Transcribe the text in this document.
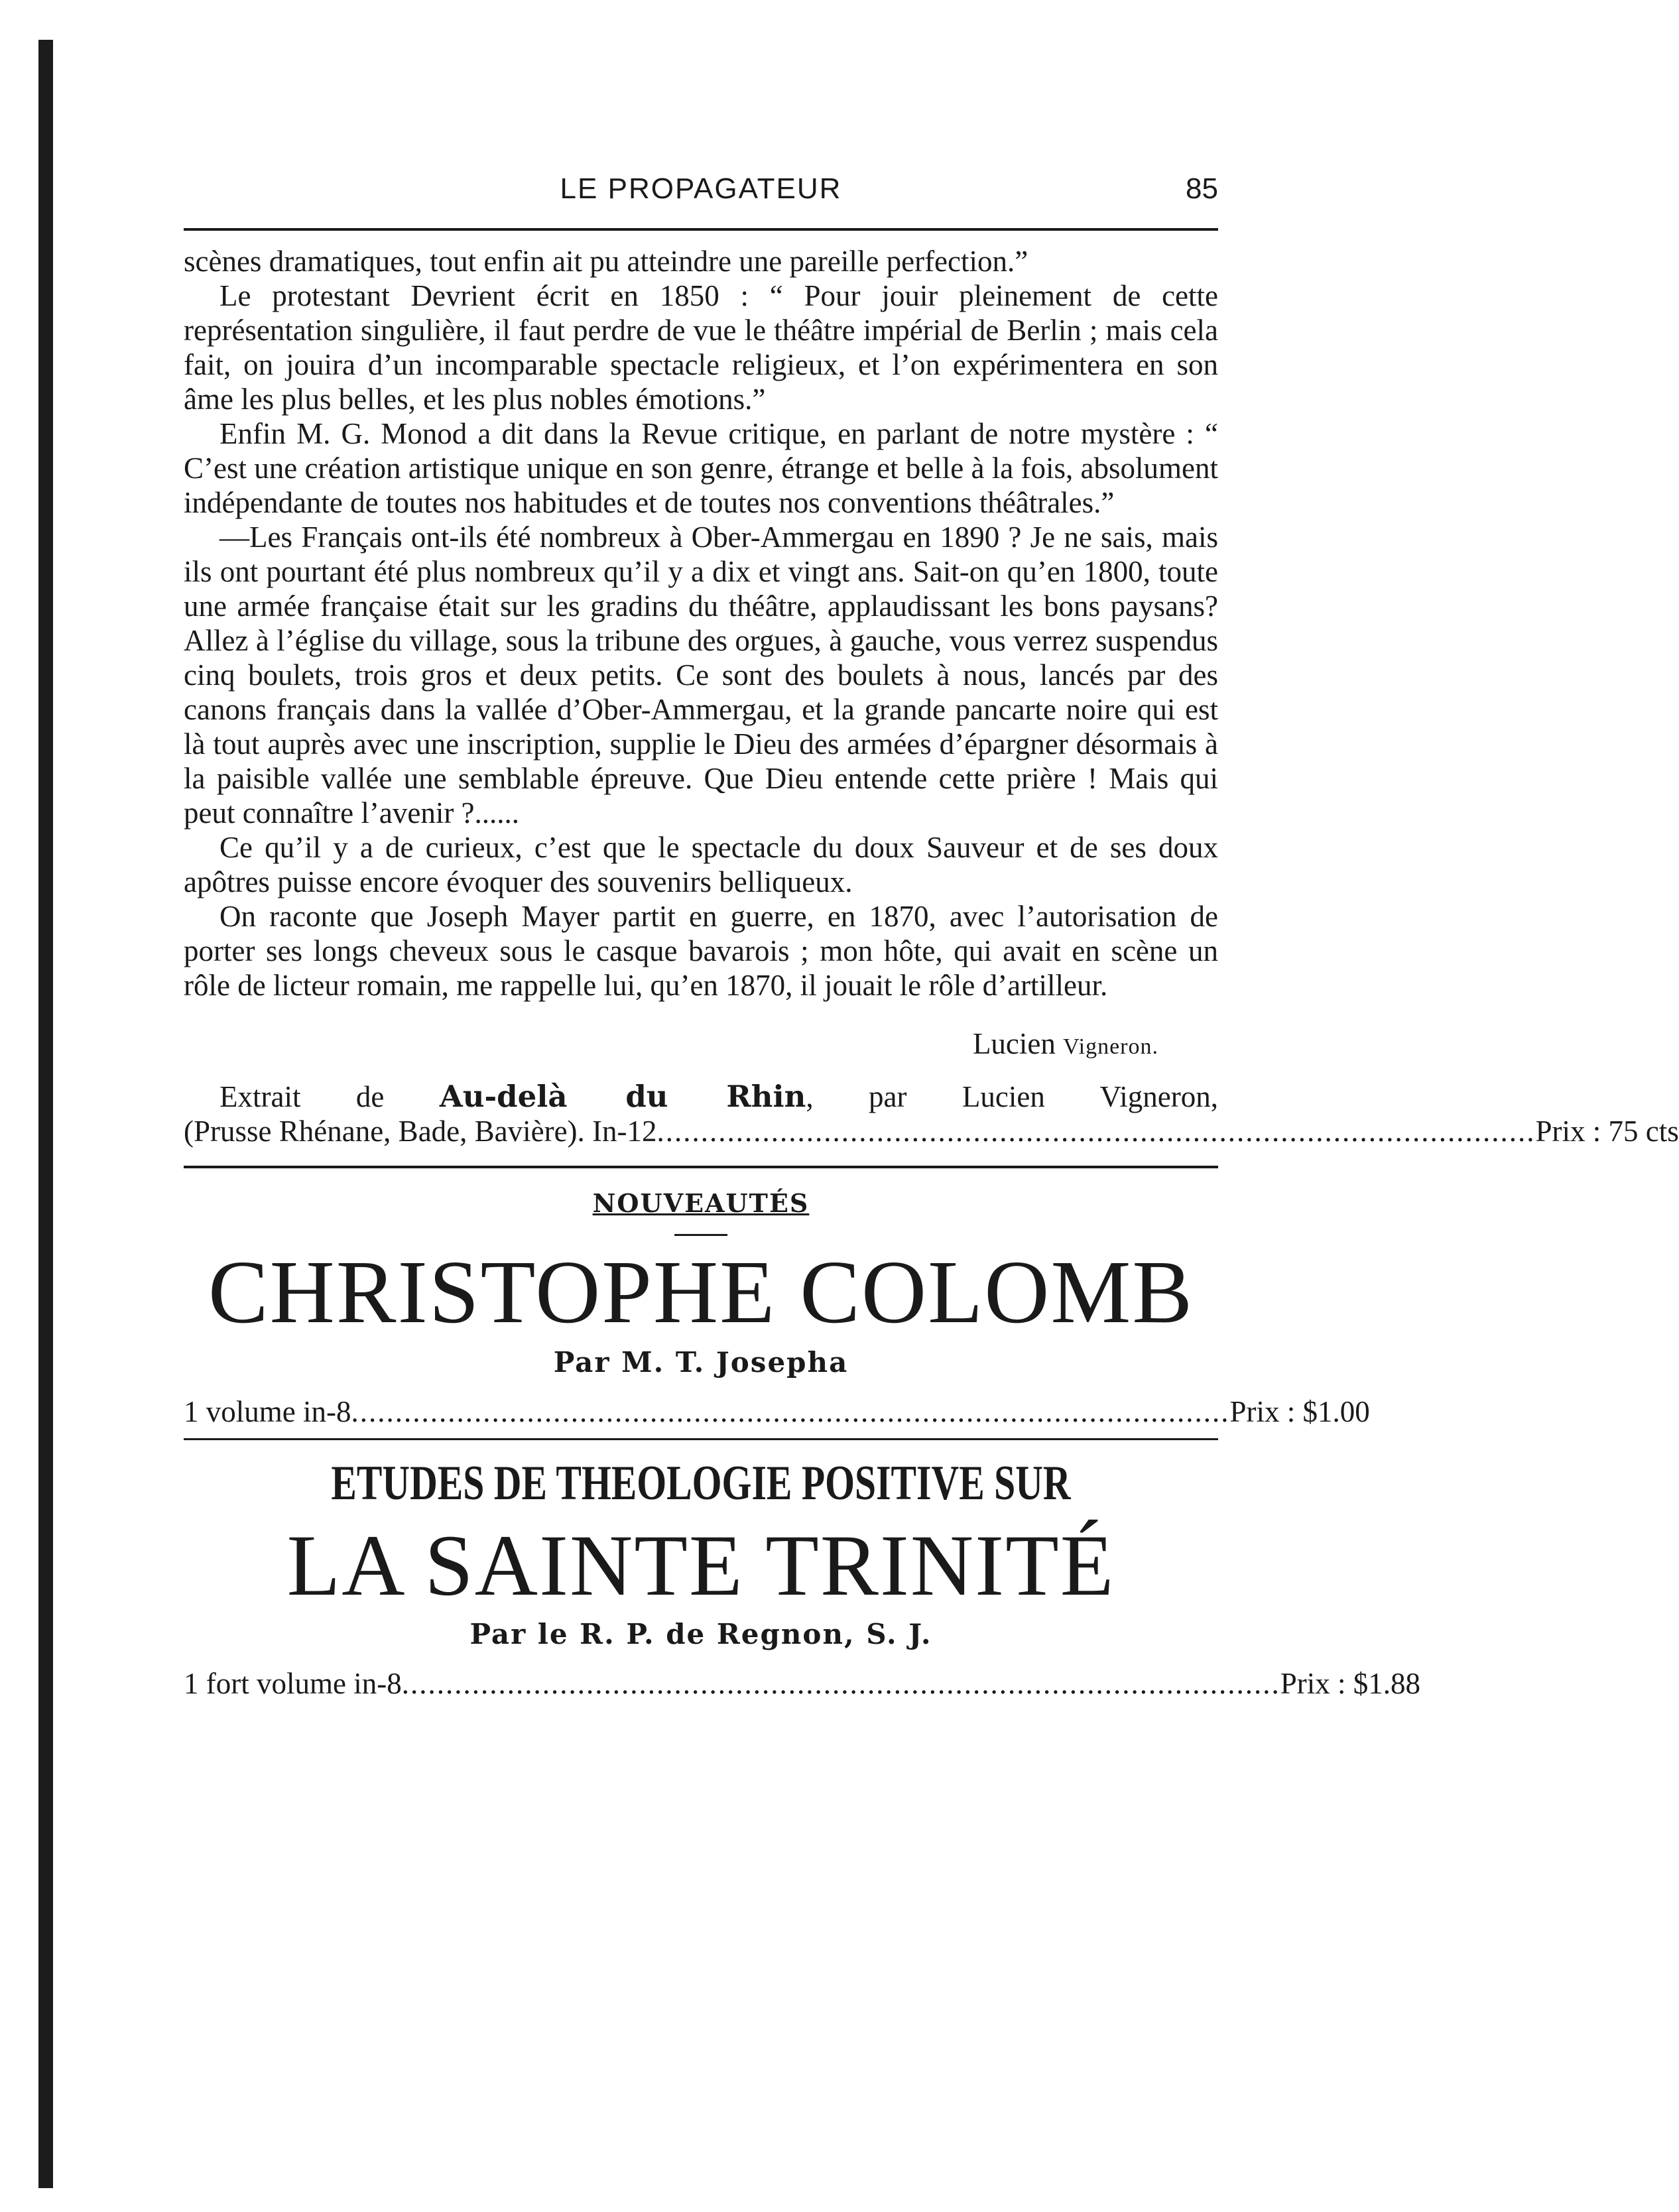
LE PROPAGATEUR	85

scènes dramatiques, tout enfin ait pu atteindre une pareille perfection.”

Le protestant Devrient écrit en 1850 : “ Pour jouir pleinement de cette représentation singulière, il faut perdre de vue le théâtre impérial de Berlin ; mais cela fait, on jouira d’un incomparable spectacle religieux, et l’on expérimentera en son âme les plus belles, et les plus nobles émotions.”

Enfin M. G. Monod a dit dans la Revue critique, en parlant de notre mystère : “ C’est une création artistique unique en son genre, étrange et belle à la fois, absolument indépendante de toutes nos habitudes et de toutes nos conventions théâtrales.”

—Les Français ont-ils été nombreux à Ober-Ammergau en 1890 ? Je ne sais, mais ils ont pourtant été plus nombreux qu’il y a dix et vingt ans. Sait-on qu’en 1800, toute une armée française était sur les gradins du théâtre, applaudissant les bons paysans? Allez à l’église du village, sous la tribune des orgues, à gauche, vous verrez suspendus cinq boulets, trois gros et deux petits. Ce sont des boulets à nous, lancés par des canons français dans la vallée d’Ober-Ammergau, et la grande pancarte noire qui est là tout auprès avec une inscription, supplie le Dieu des armées d’épargner désormais à la paisible vallée une semblable épreuve. Que Dieu entende cette prière ! Mais qui peut connaître l’avenir ?......

Ce qu’il y a de curieux, c’est que le spectacle du doux Sauveur et de ses doux apôtres puisse encore évoquer des souvenirs belliqueux.

On raconte que Joseph Mayer partit en guerre, en 1870, avec l’autorisation de porter ses longs cheveux sous le casque bavarois ; mon hôte, qui avait en scène un rôle de licteur romain, me rappelle lui, qu’en 1870, il jouait le rôle d’artilleur.

Lucien Vigneron.
Extrait de Au-delà du Rhin, par Lucien Vigneron,
(Prusse Rhénane, Bade, Bavière). In-12 .................................................................................................... Prix : 75 cts
NOUVEAUTÉS
CHRISTOPHE COLOMB
Par M. T. Josepha
1 volume in-8 .................................................................................................... Prix : $1.00
ETUDES DE THEOLOGIE POSITIVE SUR
LA SAINTE TRINITÉ
Par le R. P. de Regnon, S. J.
1 fort volume in-8 .................................................................................................... Prix : $1.88
